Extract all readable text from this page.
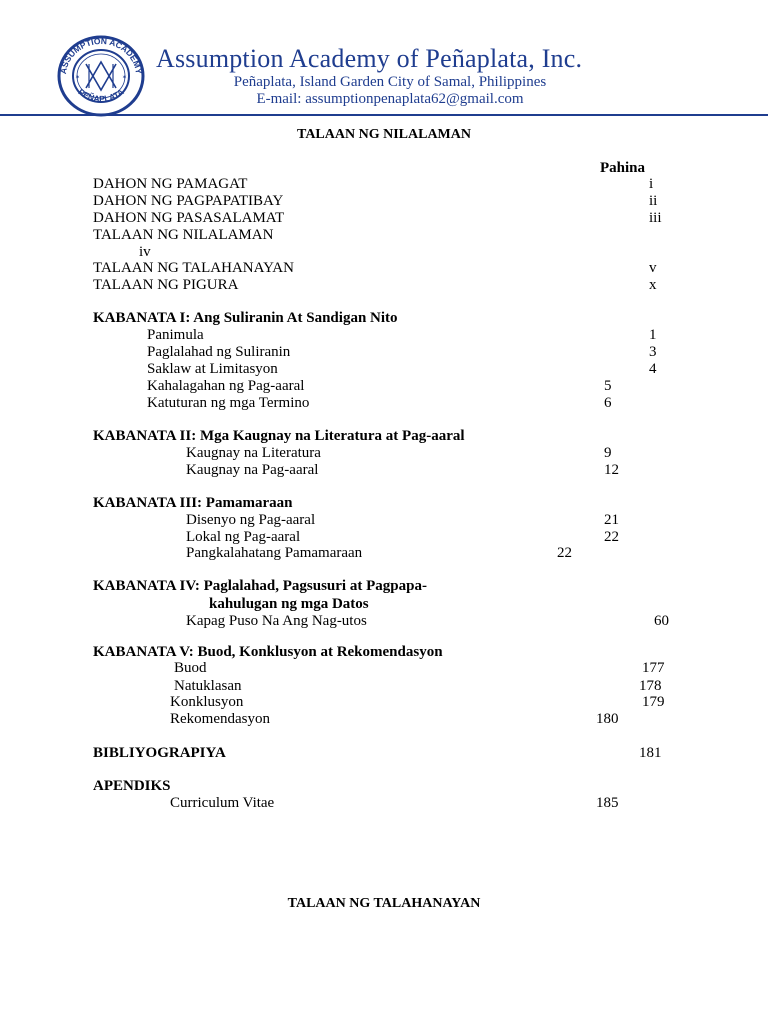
✶	✶
ASSUMPTION ACADEMY
PEÑAPLATA
Assumption Academy of Peñaplata, Inc.
Peñaplata, Island Garden City of Samal, Philippines
E-mail: assumptionpenaplata62@gmail.com
TALAAN NG NILALAMAN
Pahina
DAHON NG PAMAGAT	i
DAHON NG PAGPAPATIBAY	ii
DAHON NG PASASALAMAT	iii
TALAAN NG NILALAMAN
iv
TALAAN NG TALAHANAYAN	v
TALAAN NG PIGURA	x
KABANATA I: Ang Suliranin At Sandigan Nito
Panimula	1
Paglalahad ng Suliranin	3
Saklaw at Limitasyon	4
Kahalagahan ng Pag-aaral	5
Katuturan ng mga Termino	6
KABANATA II: Mga Kaugnay na Literatura at Pag-aaral
Kaugnay na Literatura	9
Kaugnay na Pag-aaral	12
KABANATA III: Pamamaraan
Disenyo ng Pag-aaral	21
Lokal ng Pag-aaral	22
Pangkalahatang Pamamaraan	22
KABANATA IV: Paglalahad, Pagsusuri at Pagpapa-
kahulugan ng mga Datos
Kapag Puso Na Ang Nag-utos	60
KABANATA V: Buod, Konklusyon at Rekomendasyon
Buod	177
Natuklasan	178
Konklusyon	179
Rekomendasyon	180
BIBLIYOGRAPIYA	181
APENDIKS
Curriculum Vitae	185
TALAAN NG TALAHANAYAN
